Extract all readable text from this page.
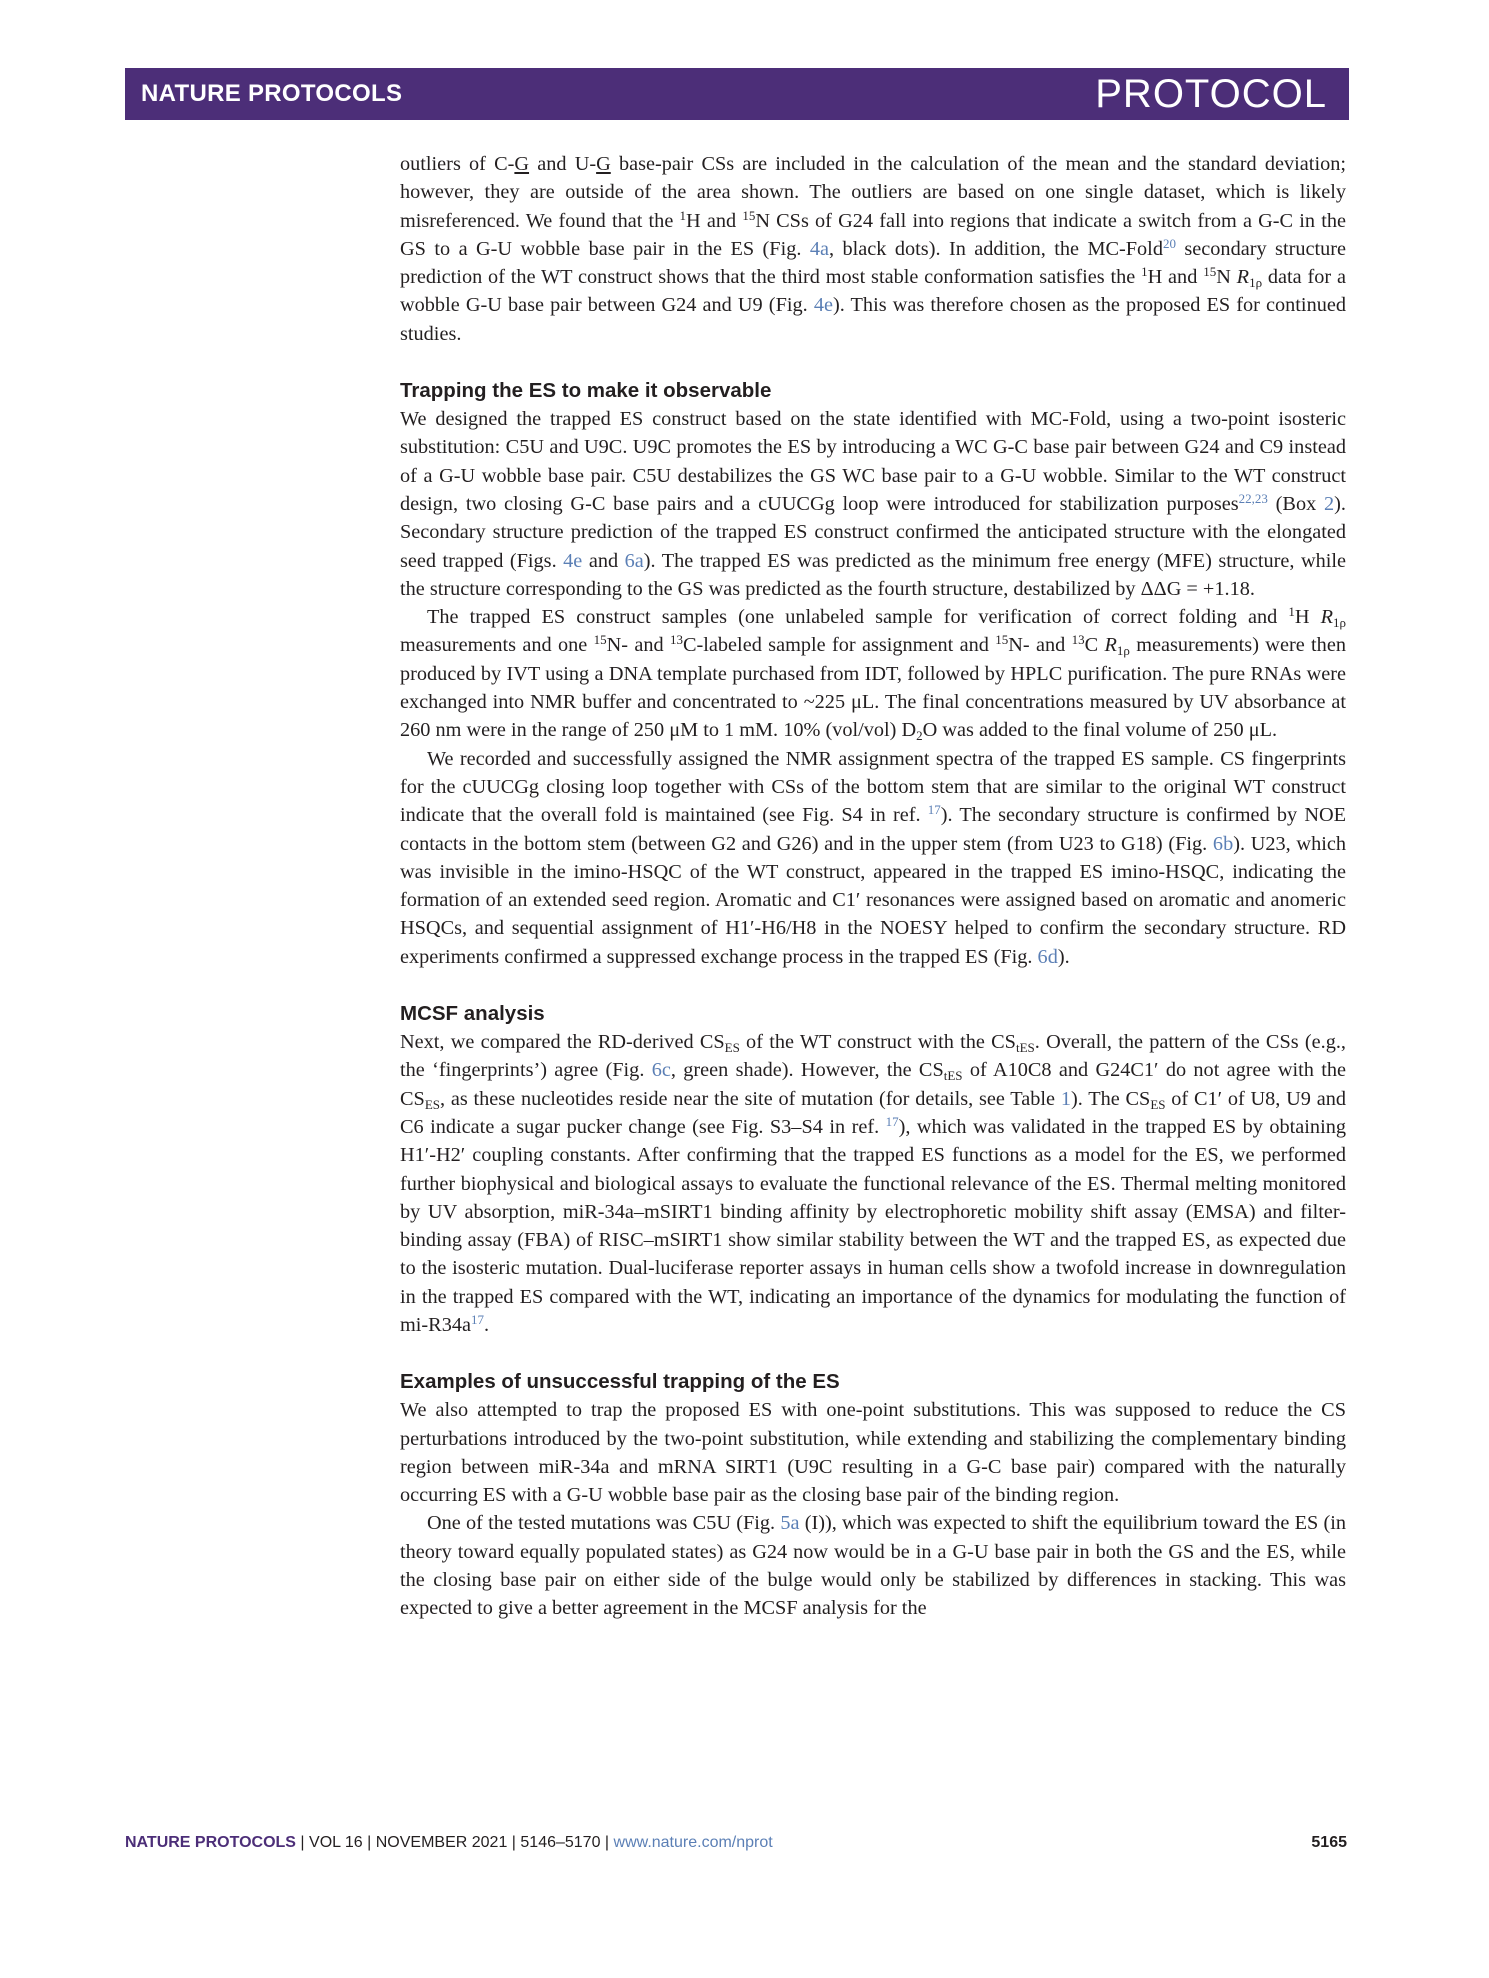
NATURE PROTOCOLS	PROTOCOL

outliers of C-G and U-G base-pair CSs are included in the calculation of the mean and the standard deviation; however, they are outside of the area shown. The outliers are based on one single dataset, which is likely misreferenced. We found that the $^1$H and $^{15}$N CSs of G24 fall into regions that indicate a switch from a G-C in the GS to a G-U wobble base pair in the ES (Fig. 4a, black dots). In addition, the MC-Fold$^{20}$ secondary structure prediction of the WT construct shows that the third most stable conformation satisfies the $^1$H and $^{15}$N $R_{1\rho}$ data for a wobble G-U base pair between G24 and U9 (Fig. 4e). This was therefore chosen as the proposed ES for continued studies.

Trapping the ES to make it observable

We designed the trapped ES construct based on the state identified with MC-Fold, using a two-point isosteric substitution: C5U and U9C. U9C promotes the ES by introducing a WC G-C base pair between G24 and C9 instead of a G-U wobble base pair. C5U destabilizes the GS WC base pair to a G-U wobble. Similar to the WT construct design, two closing G-C base pairs and a cUUCGg loop were introduced for stabilization purposes$^{22,23}$ (Box 2). Secondary structure prediction of the trapped ES construct confirmed the anticipated structure with the elongated seed trapped (Figs. 4e and 6a). The trapped ES was predicted as the minimum free energy (MFE) structure, while the structure corresponding to the GS was predicted as the fourth structure, destabilized by ΔΔG = +1.18.

The trapped ES construct samples (one unlabeled sample for verification of correct folding and $^1$H $R_{1\rho}$ measurements and one $^{15}$N- and $^{13}$C-labeled sample for assignment and $^{15}$N- and $^{13}$C $R_{1\rho}$ measurements) were then produced by IVT using a DNA template purchased from IDT, followed by HPLC purification. The pure RNAs were exchanged into NMR buffer and concentrated to ~225 μL. The final concentrations measured by UV absorbance at 260 nm were in the range of 250 μM to 1 mM. 10% (vol/vol) $D_2O$ was added to the final volume of 250 μL.

We recorded and successfully assigned the NMR assignment spectra of the trapped ES sample. CS fingerprints for the cUUCGg closing loop together with CSs of the bottom stem that are similar to the original WT construct indicate that the overall fold is maintained (see Fig. S4 in ref. $^{17}$). The secondary structure is confirmed by NOE contacts in the bottom stem (between G2 and G26) and in the upper stem (from U23 to G18) (Fig. 6b). U23, which was invisible in the imino-HSQC of the WT construct, appeared in the trapped ES imino-HSQC, indicating the formation of an extended seed region. Aromatic and C1′ resonances were assigned based on aromatic and anomeric HSQCs, and sequential assignment of H1′-H6/H8 in the NOESY helped to confirm the secondary structure. RD experiments confirmed a suppressed exchange process in the trapped ES (Fig. 6d).

MCSF analysis

Next, we compared the RD-derived $CS_{ES}$ of the WT construct with the $CS_{tES}$. Overall, the pattern of the CSs (e.g., the ‘fingerprints’) agree (Fig. 6c, green shade). However, the $CS_{tES}$ of A10C8 and G24C1′ do not agree with the $CS_{ES}$, as these nucleotides reside near the site of mutation (for details, see Table 1). The $CS_{ES}$ of C1′ of U8, U9 and C6 indicate a sugar pucker change (see Fig. S3–S4 in ref. $^{17}$), which was validated in the trapped ES by obtaining H1′-H2′ coupling constants. After confirming that the trapped ES functions as a model for the ES, we performed further biophysical and biological assays to evaluate the functional relevance of the ES. Thermal melting monitored by UV absorption, miR-34a–mSIRT1 binding affinity by electrophoretic mobility shift assay (EMSA) and filter-binding assay (FBA) of RISC–mSIRT1 show similar stability between the WT and the trapped ES, as expected due to the isosteric mutation. Dual-luciferase reporter assays in human cells show a twofold increase in downregulation in the trapped ES compared with the WT, indicating an importance of the dynamics for modulating the function of mi-R34a$^{17}$.

Examples of unsuccessful trapping of the ES

We also attempted to trap the proposed ES with one-point substitutions. This was supposed to reduce the CS perturbations introduced by the two-point substitution, while extending and stabilizing the complementary binding region between miR-34a and mRNA SIRT1 (U9C resulting in a G-C base pair) compared with the naturally occurring ES with a G-U wobble base pair as the closing base pair of the binding region.

One of the tested mutations was C5U (Fig. 5a (I)), which was expected to shift the equilibrium toward the ES (in theory toward equally populated states) as G24 now would be in a G-U base pair in both the GS and the ES, while the closing base pair on either side of the bulge would only be stabilized by differences in stacking. This was expected to give a better agreement in the MCSF analysis for the

NATURE PROTOCOLS | VOL 16 | NOVEMBER 2021 | 5146–5170 | www.nature.com/nprot	5165
